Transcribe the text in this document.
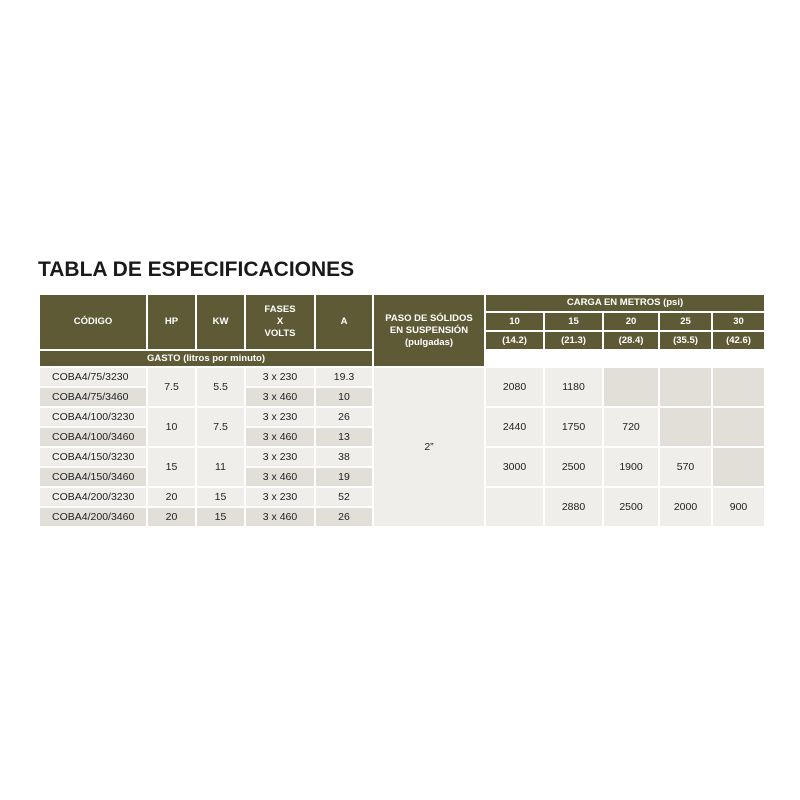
TABLA DE ESPECIFICACIONES
CÓDIGO	HP	KW	FASES
X
VOLTS	A	PASO DE SÓLIDOS
EN SUSPENSIÓN
(pulgadas)	CARGA EN METROS (psi)				
						10	15	20	25	30
						(14.2)	(21.3)	(28.4)	(35.5)	(42.6)
GASTO (litros por minuto)										
COBA4/75/3230	7.5	5.5	3 x 230	19.3	2”	2080	1180			
COBA4/75/3460			3 x 460	10						
COBA4/100/3230	10	7.5	3 x 230	26		2440	1750	720		
COBA4/100/3460			3 x 460	13						
COBA4/150/3230	15	11	3 x 230	38		3000	2500	1900	570	
COBA4/150/3460			3 x 460	19						
COBA4/200/3230	20	15	3 x 230	52			2880	2500	2000	900
COBA4/200/3460	20	15	3 x 460	26						
